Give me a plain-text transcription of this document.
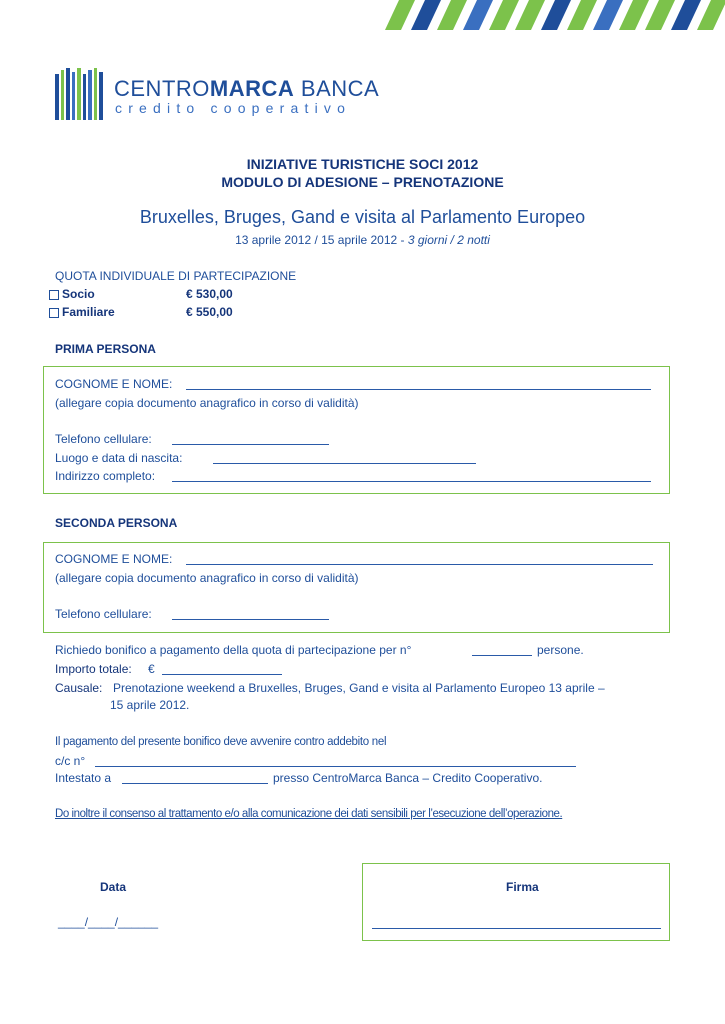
CENTROMARCA BANCA
credito cooperativo
INIZIATIVE TURISTICHE SOCI 2012
MODULO DI ADESIONE – PRENOTAZIONE
Bruxelles, Bruges, Gand e visita al Parlamento Europeo
13 aprile 2012 / 15 aprile 2012 - 3 giorni / 2 notti
QUOTA INDIVIDUALE DI PARTECIPAZIONE
Socio	€ 530,00
Familiare	€ 550,00
PRIMA PERSONA
COGNOME E NOME:
(allegare copia documento anagrafico in corso di validità)
Telefono cellulare:
Luogo e data di nascita:
Indirizzo completo:
SECONDA PERSONA
COGNOME E NOME:
(allegare copia documento anagrafico in corso di validità)
Telefono cellulare:
Richiedo bonifico a pagamento della quota di partecipazione per n°	persone.
Importo totale: €
Causale: Prenotazione weekend a Bruxelles, Bruges, Gand e visita al Parlamento Europeo 13 aprile –
15 aprile 2012.
Il pagamento del presente bonifico deve avvenire contro addebito nel
c/c n°
Intestato a	presso CentroMarca Banca – Credito Cooperativo.
Do inoltre il consenso al trattamento e/o alla comunicazione dei dati sensibili per l’esecuzione dell’operazione.
Data
____/____/______
Firma
